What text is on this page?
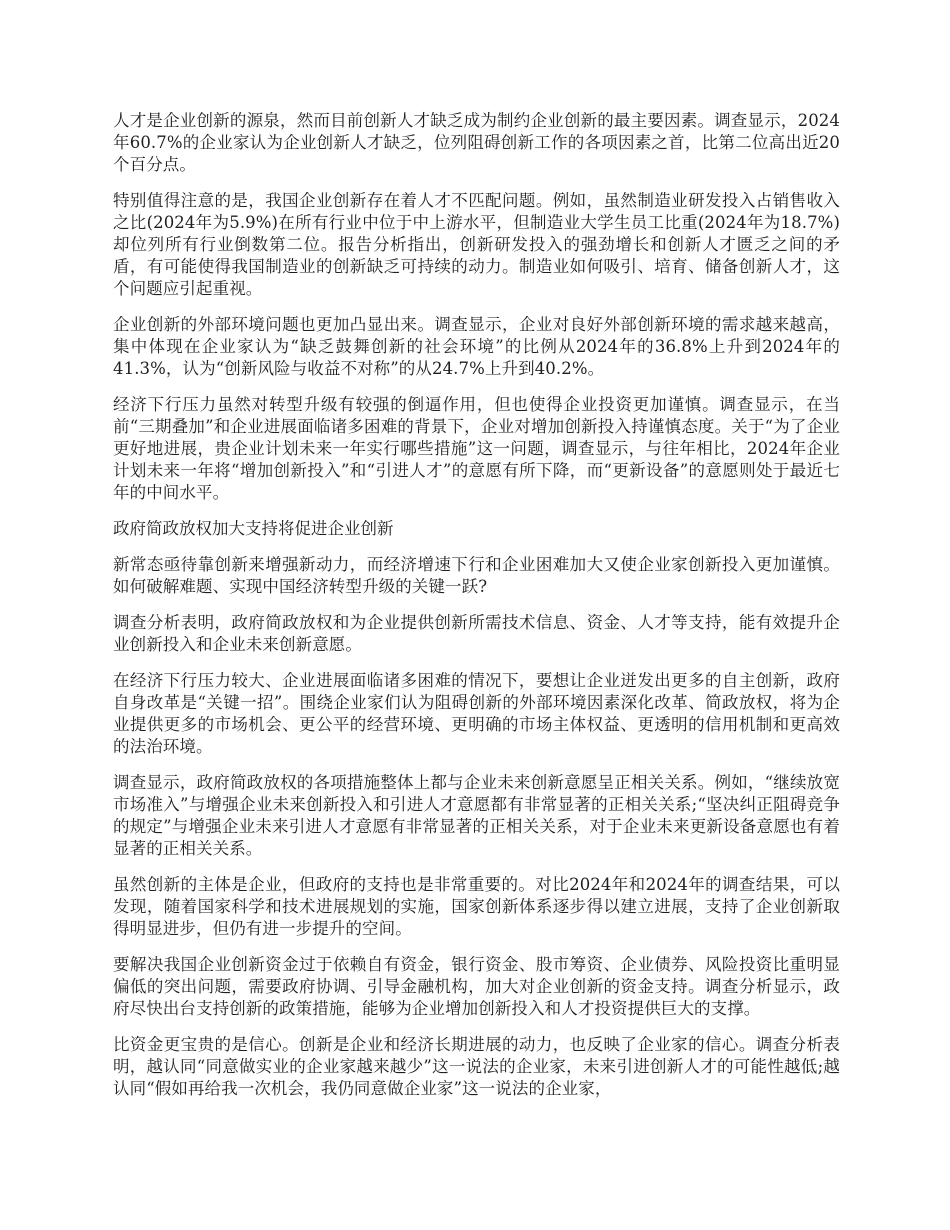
人才是企业创新的源泉，然而目前创新人才缺乏成为制约企业创新的最主要因素。调查显示，2024年60.7%的企业家认为企业创新人才缺乏，位列阻碍创新工作的各项因素之首，比第二位高出近20个百分点。

特别值得注意的是，我国企业创新存在着人才不匹配问题。例如，虽然制造业研发投入占销售收入之比(2024年为5.9%)在所有行业中位于中上游水平，但制造业大学生员工比重(2024年为18.7%)却位列所有行业倒数第二位。报告分析指出，创新研发投入的强劲增长和创新人才匮乏之间的矛盾，有可能使得我国制造业的创新缺乏可持续的动力。制造业如何吸引、培育、储备创新人才，这个问题应引起重视。

企业创新的外部环境问题也更加凸显出来。调查显示，企业对良好外部创新环境的需求越来越高，集中体现在企业家认为“缺乏鼓舞创新的社会环境”的比例从2024年的36.8%上升到2024年的41.3%，认为“创新风险与收益不对称”的从24.7%上升到40.2%。

经济下行压力虽然对转型升级有较强的倒逼作用，但也使得企业投资更加谨慎。调查显示，在当前“三期叠加”和企业进展面临诸多困难的背景下，企业对增加创新投入持谨慎态度。关于“为了企业更好地进展，贵企业计划未来一年实行哪些措施”这一问题，调查显示，与往年相比，2024年企业计划未来一年将“增加创新投入”和“引进人才”的意愿有所下降，而“更新设备”的意愿则处于最近七年的中间水平。

政府简政放权加大支持将促进企业创新

新常态亟待靠创新来增强新动力，而经济增速下行和企业困难加大又使企业家创新投入更加谨慎。如何破解难题、实现中国经济转型升级的关键一跃?

调查分析表明，政府简政放权和为企业提供创新所需技术信息、资金、人才等支持，能有效提升企业创新投入和企业未来创新意愿。

在经济下行压力较大、企业进展面临诸多困难的情况下，要想让企业迸发出更多的自主创新，政府自身改革是“关键一招”。围绕企业家们认为阻碍创新的外部环境因素深化改革、简政放权，将为企业提供更多的市场机会、更公平的经营环境、更明确的市场主体权益、更透明的信用机制和更高效的法治环境。

调查显示，政府简政放权的各项措施整体上都与企业未来创新意愿呈正相关关系。例如，“继续放宽市场准入”与增强企业未来创新投入和引进人才意愿都有非常显著的正相关关系;“坚决纠正阻碍竞争的规定”与增强企业未来引进人才意愿有非常显著的正相关关系，对于企业未来更新设备意愿也有着显著的正相关关系。

虽然创新的主体是企业，但政府的支持也是非常重要的。对比2024年和2024年的调查结果，可以发现，随着国家科学和技术进展规划的实施，国家创新体系逐步得以建立进展，支持了企业创新取得明显进步，但仍有进一步提升的空间。

要解决我国企业创新资金过于依赖自有资金，银行资金、股市筹资、企业债券、风险投资比重明显偏低的突出问题，需要政府协调、引导金融机构，加大对企业创新的资金支持。调查分析显示，政府尽快出台支持创新的政策措施，能够为企业增加创新投入和人才投资提供巨大的支撑。

比资金更宝贵的是信心。创新是企业和经济长期进展的动力，也反映了企业家的信心。调查分析表明，越认同“同意做实业的企业家越来越少”这一说法的企业家，未来引进创新人才的可能性越低;越认同“假如再给我一次机会，我仍同意做企业家”这一说法的企业家，
